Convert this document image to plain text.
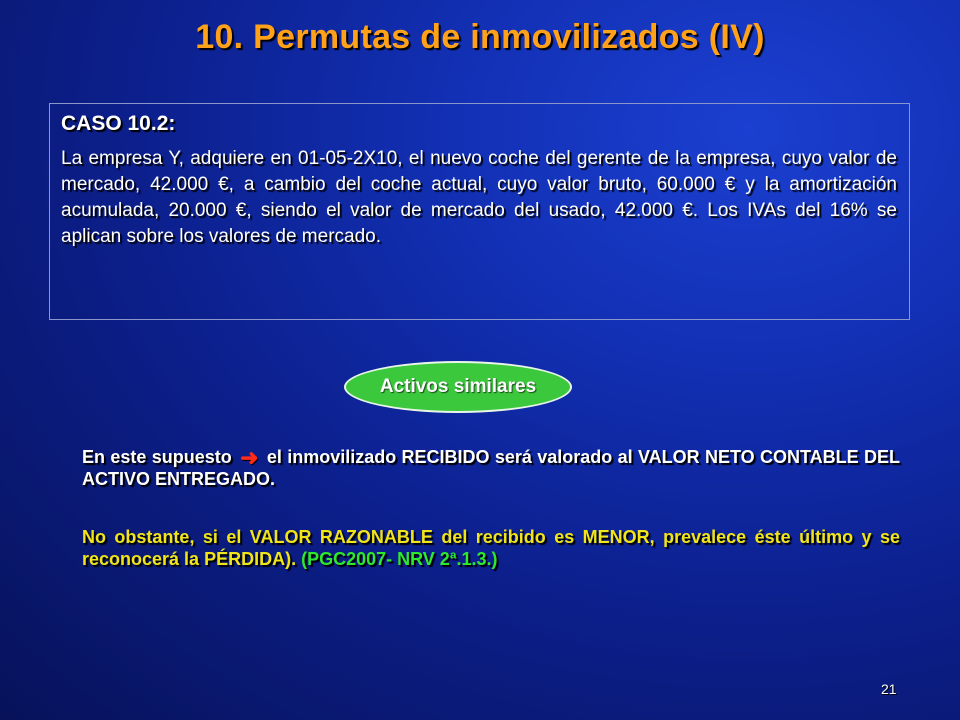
10. Permutas de inmovilizados (IV)

CASO 10.2:

La empresa Y, adquiere en 01-05-2X10, el nuevo coche del gerente de la empresa, cuyo valor de mercado, 42.000 €, a cambio del coche actual, cuyo valor bruto, 60.000 € y la amortización acumulada, 20.000 €, siendo el valor de mercado del usado, 42.000 €. Los IVAs del 16% se aplican sobre los valores de mercado.

Activos similares

En este supuesto ➜ el inmovilizado RECIBIDO será valorado al VALOR NETO CONTABLE DEL ACTIVO ENTREGADO.

No obstante, si el VALOR RAZONABLE del recibido es MENOR, prevalece éste último y se reconocerá la PÉRDIDA). (PGC2007- NRV 2ª.1.3.)

21
